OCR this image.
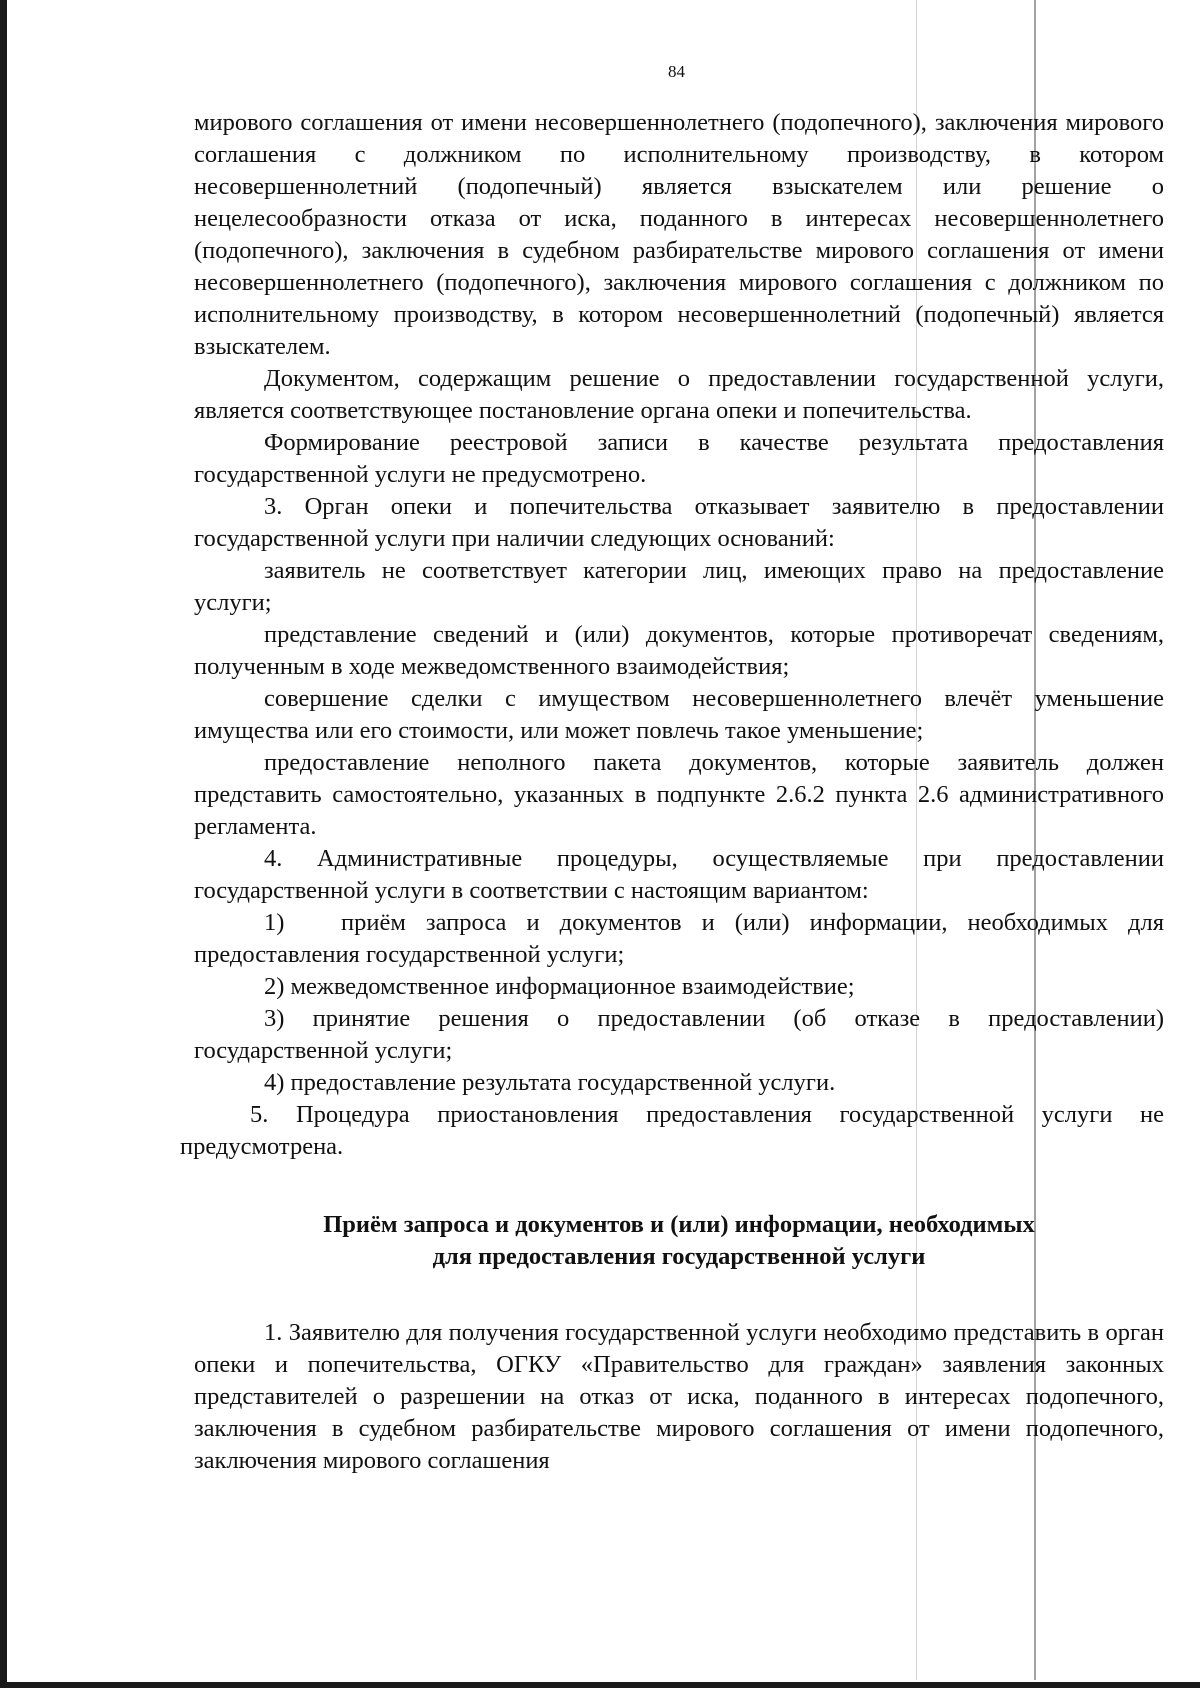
84

мирового соглашения от имени несовершеннолетнего (подопечного), заключения мирового соглашения с должником по исполнительному производству, в котором несовершеннолетний (подопечный) является взыскателем или решение о нецелесообразности отказа от иска, поданного в интересах несовершеннолетнего (подопечного), заключения в судебном разбирательстве мирового соглашения от имени несовершеннолетнего (подопечного), заключения мирового соглашения с должником по исполнительному производству, в котором несовершеннолетний (подопечный) является взыскателем.

Документом, содержащим решение о предоставлении государственной услуги, является соответствующее постановление органа опеки и попечительства.

Формирование реестровой записи в качестве результата предоставления государственной услуги не предусмотрено.

3. Орган опеки и попечительства отказывает заявителю в предоставлении государственной услуги при наличии следующих оснований:

заявитель не соответствует категории лиц, имеющих право на предоставление услуги;

представление сведений и (или) документов, которые противоречат сведениям, полученным в ходе межведомственного взаимодействия;

совершение сделки с имуществом несовершеннолетнего влечёт уменьшение имущества или его стоимости, или может повлечь такое уменьшение;

предоставление неполного пакета документов, которые заявитель должен представить самостоятельно, указанных в подпункте 2.6.2 пункта 2.6 административного регламента.

4. Административные процедуры, осуществляемые при предоставлении государственной услуги в соответствии с настоящим вариантом:

1) приём запроса и документов и (или) информации, необходимых для предоставления государственной услуги;

2) межведомственное информационное взаимодействие;

3) принятие решения о предоставлении (об отказе в предоставлении) государственной услуги;

4) предоставление результата государственной услуги.

5. Процедура приостановления предоставления государственной услуги не предусмотрена.

Приём запроса и документов и (или) информации, необходимых
для предоставления государственной услуги

1. Заявителю для получения государственной услуги необходимо представить в орган опеки и попечительства, ОГКУ «Правительство для граждан» заявления законных представителей о разрешении на отказ от иска, поданного в интересах подопечного, заключения в судебном разбирательстве мирового соглашения от имени подопечного, заключения мирового соглашения
